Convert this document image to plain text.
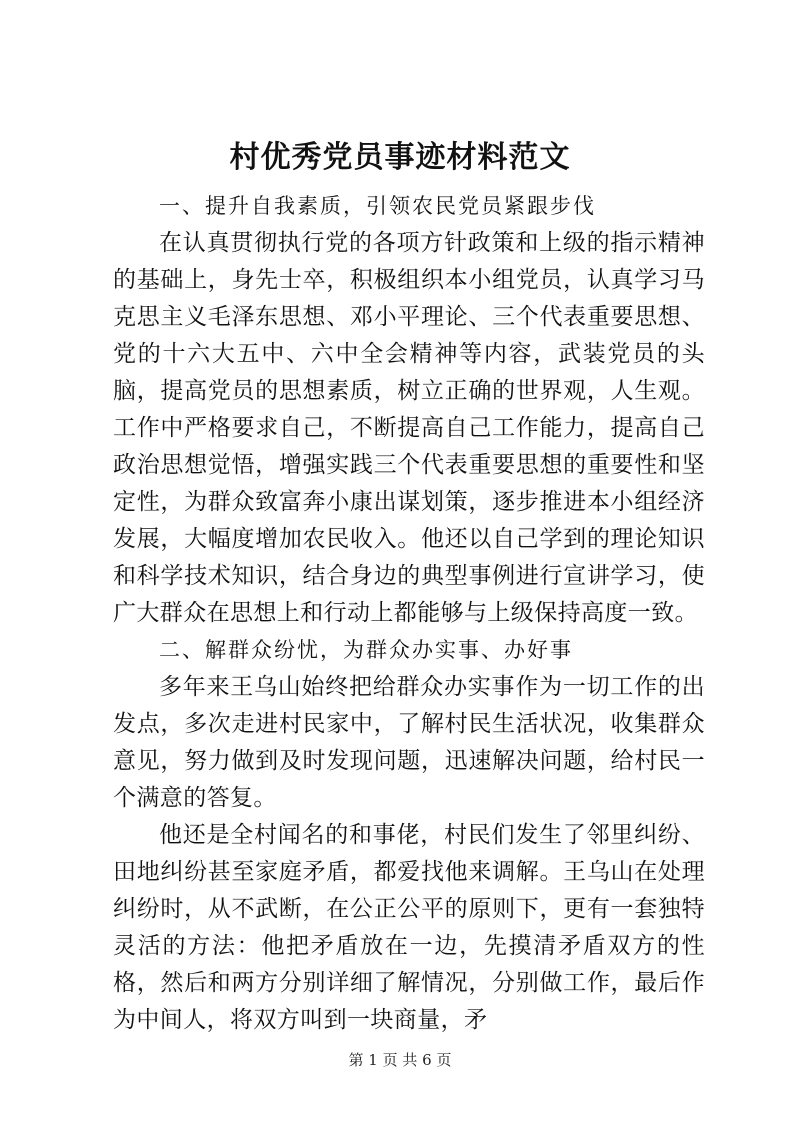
村优秀党员事迹材料范文

一、提升自我素质，引领农民党员紧跟步伐

在认真贯彻执行党的各项方针政策和上级的指示精神的基础上，身先士卒，积极组织本小组党员，认真学习马克思主义毛泽东思想、邓小平理论、三个代表重要思想、党的十六大五中、六中全会精神等内容，武装党员的头脑，提高党员的思想素质，树立正确的世界观，人生观。工作中严格要求自己，不断提高自己工作能力，提高自己政治思想觉悟，增强实践三个代表重要思想的重要性和坚定性，为群众致富奔小康出谋划策，逐步推进本小组经济发展，大幅度增加农民收入。他还以自己学到的理论知识和科学技术知识，结合身边的典型事例进行宣讲学习，使广大群众在思想上和行动上都能够与上级保持高度一致。

二、解群众纷忧，为群众办实事、办好事

多年来王乌山始终把给群众办实事作为一切工作的出发点，多次走进村民家中，了解村民生活状况，收集群众意见，努力做到及时发现问题，迅速解决问题，给村民一个满意的答复。

他还是全村闻名的和事佬，村民们发生了邻里纠纷、田地纠纷甚至家庭矛盾，都爱找他来调解。王乌山在处理纠纷时，从不武断，在公正公平的原则下，更有一套独特灵活的方法：他把矛盾放在一边，先摸清矛盾双方的性格，然后和两方分别详细了解情况，分别做工作，最后作为中间人，将双方叫到一块商量，矛

第 1 页 共 6 页
